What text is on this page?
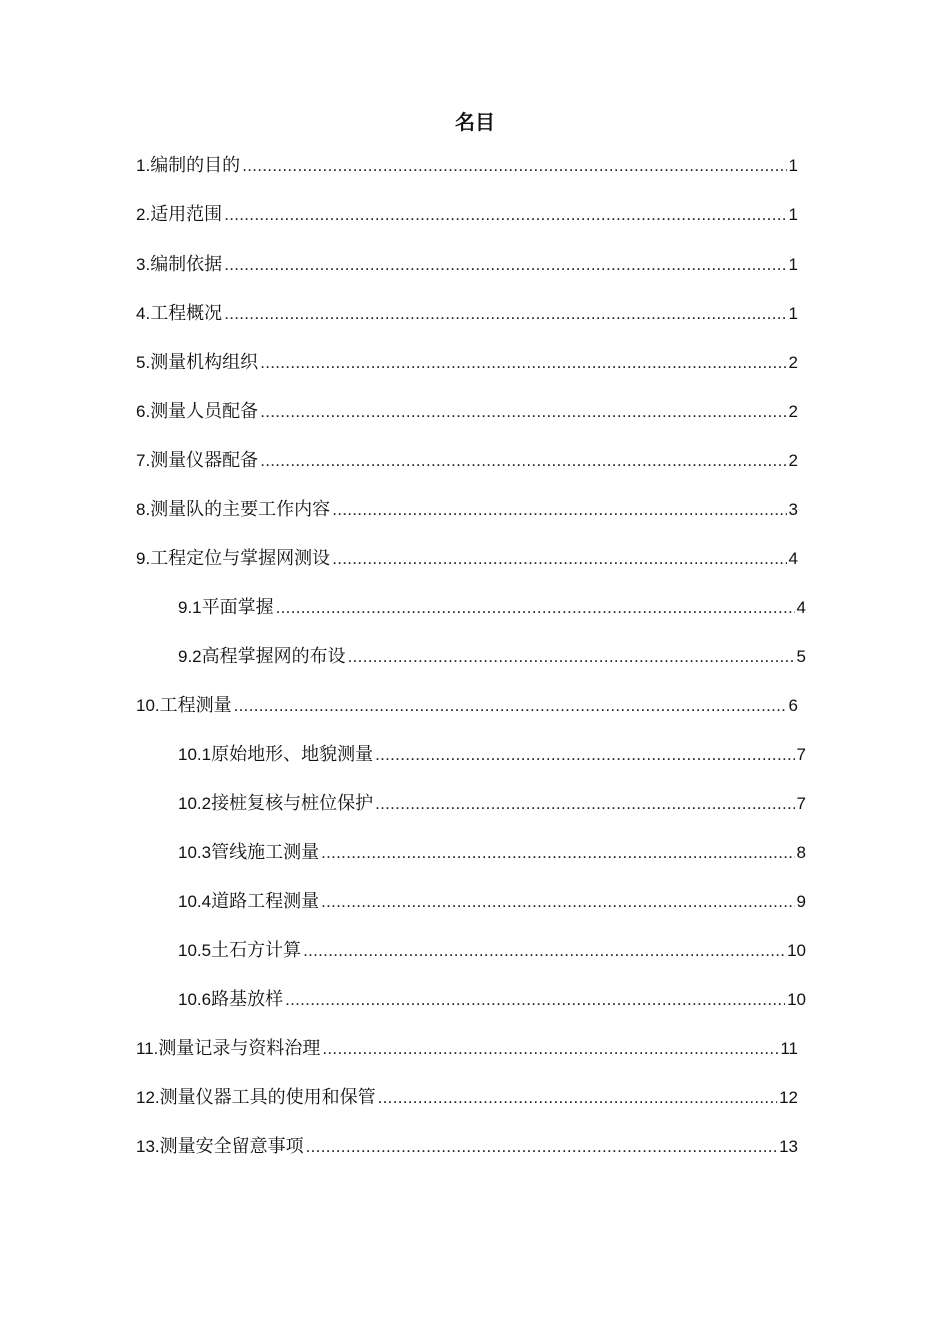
名目
1. 编制的目的 .....	1
2. 适用范围 .....	1
3. 编制依据 .....	1
4. 工程概况 .....	1
5. 测量机构组织 .....	2
6. 测量人员配备 .....	2
7. 测量仪器配备 .....	2
8. 测量队的主要工作内容 .....	3
9. 工程定位与掌握网测设 .....	4
9.1 平面掌握 .....	4
9.2 高程掌握网的布设 .....	5
10. 工程测量 .....	6
10.1 原始地形、地貌测量 .....	7
10.2 接桩复核与桩位保护 .....	7
10.3 管线施工测量 .....	8
10.4 道路工程测量 .....	9
10.5 土石方计算 .....	10
10.6 路基放样 .....	10
11. 测量记录与资料治理 .....	11
12. 测量仪器工具的使用和保管 .....	12
13. 测量安全留意事项 .....	13
